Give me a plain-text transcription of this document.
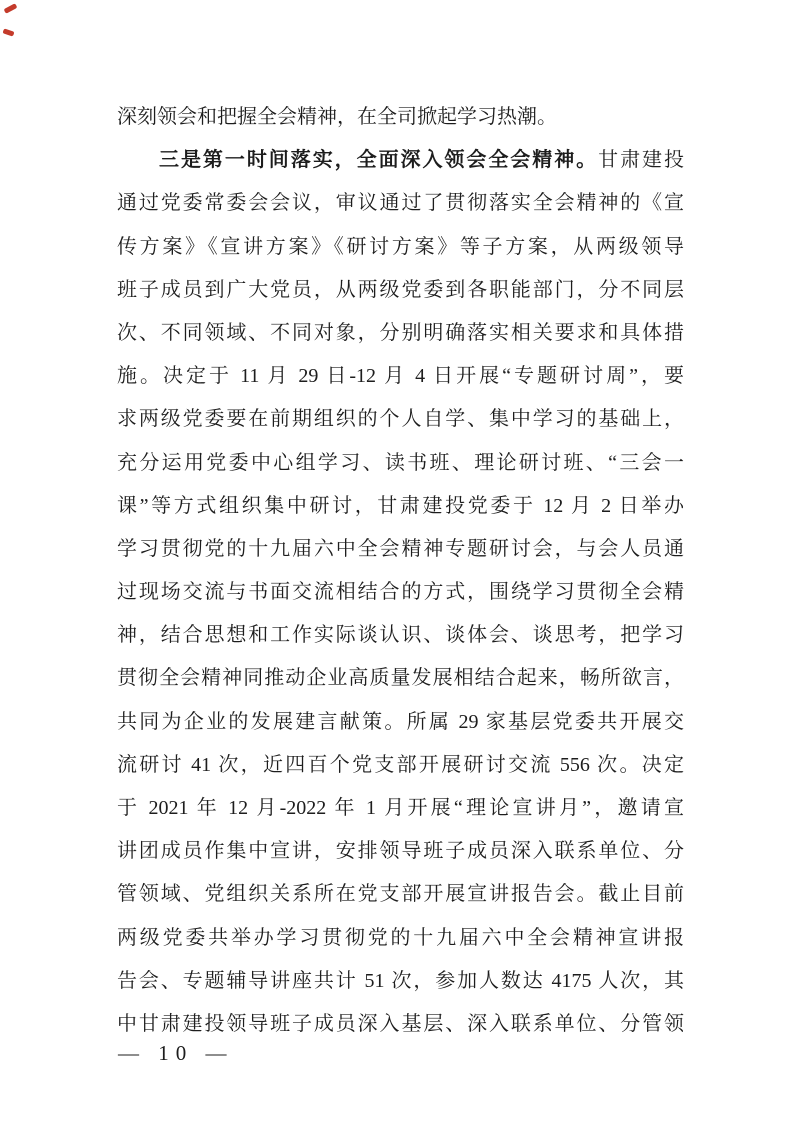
深刻领会和把握全会精神，在全司掀起学习热潮。
三是第一时间落实，全面深入领会全会精神。甘肃建投
通过党委常委会会议，审议通过了贯彻落实全会精神的《宣
传方案》《宣讲方案》《研讨方案》等子方案，从两级领导
班子成员到广大党员，从两级党委到各职能部门，分不同层
次、不同领域、不同对象，分别明确落实相关要求和具体措
施。决定于 11 月 29 日-12 月 4 日开展“专题研讨周”，要
求两级党委要在前期组织的个人自学、集中学习的基础上，
充分运用党委中心组学习、读书班、理论研讨班、“三会一
课”等方式组织集中研讨，甘肃建投党委于 12 月 2 日举办
学习贯彻党的十九届六中全会精神专题研讨会，与会人员通
过现场交流与书面交流相结合的方式，围绕学习贯彻全会精
神，结合思想和工作实际谈认识、谈体会、谈思考，把学习
贯彻全会精神同推动企业高质量发展相结合起来，畅所欲言，
共同为企业的发展建言献策。所属 29 家基层党委共开展交
流研讨 41 次，近四百个党支部开展研讨交流 556 次。决定
于 2021 年 12 月-2022 年 1 月开展“理论宣讲月”，邀请宣
讲团成员作集中宣讲，安排领导班子成员深入联系单位、分
管领域、党组织关系所在党支部开展宣讲报告会。截止目前
两级党委共举办学习贯彻党的十九届六中全会精神宣讲报
告会、专题辅导讲座共计 51 次，参加人数达 4175 人次，其
中甘肃建投领导班子成员深入基层、深入联系单位、分管领
— 10 —
